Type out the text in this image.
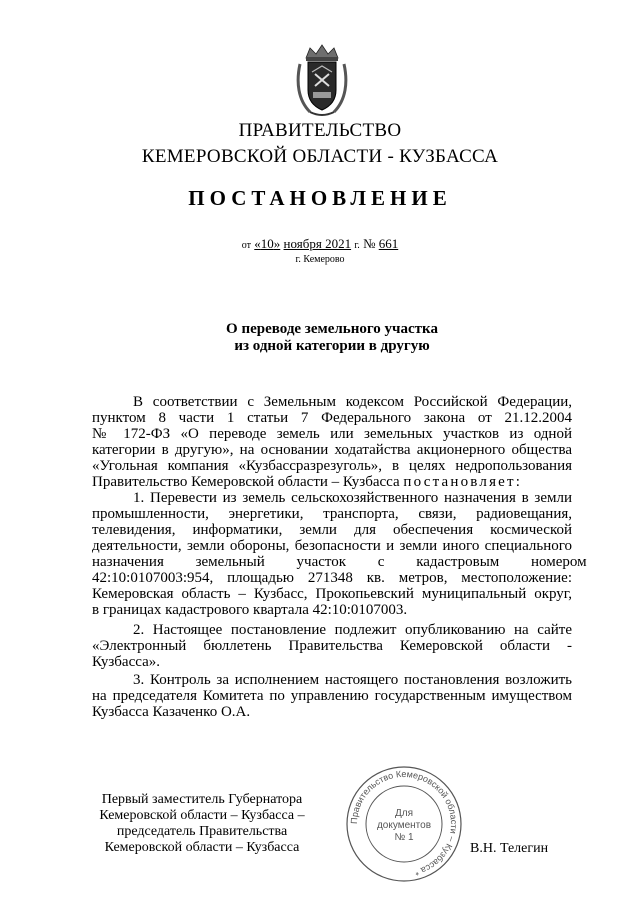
ПРАВИТЕЛЬСТВО
КЕМЕРОВСКОЙ ОБЛАСТИ - КУЗБАССА
ПОСТАНОВЛЕНИЕ
от «10» ноября 2021 г. № 661
г. Кемерово
О переводе земельного участка
из одной категории в другую
В соответствии с Земельным кодексом Российской Федерации,
пунктом 8 части 1 статьи 7 Федерального закона от 21.12.2004
№ 172-ФЗ «О переводе земель или земельных участков из одной
категории в другую», на основании ходатайства акционерного общества
«Угольная компания «Кузбассразрезуголь», в целях недропользования
Правительство Кемеровской области – Кузбасса постановляет:
1. Перевести из земель сельскохозяйственного назначения в земли
промышленности, энергетики, транспорта, связи, радиовещания,
телевидения, информатики, земли для обеспечения космической
деятельности, земли обороны, безопасности и земли иного специального
назначения земельный участок с кадастровым номером
42:10:0107003:954, площадью 271348 кв. метров, местоположение:
Кемеровская область – Кузбасс, Прокопьевский муниципальный округ,
в границах кадастрового квартала 42:10:0107003.
2. Настоящее постановление подлежит опубликованию на сайте
«Электронный бюллетень Правительства Кемеровской области -
Кузбасса».
3. Контроль за исполнением настоящего постановления возложить
на председателя Комитета по управлению государственным имуществом
Кузбасса Казаченко О.А.
Первый заместитель Губернатора
Кемеровской области – Кузбасса –
председатель Правительства
Кемеровской области – Кузбасса	В.Н. Телегин
Правительство Кемеровской области – Кузбасса *
Для
документов
№ 1
